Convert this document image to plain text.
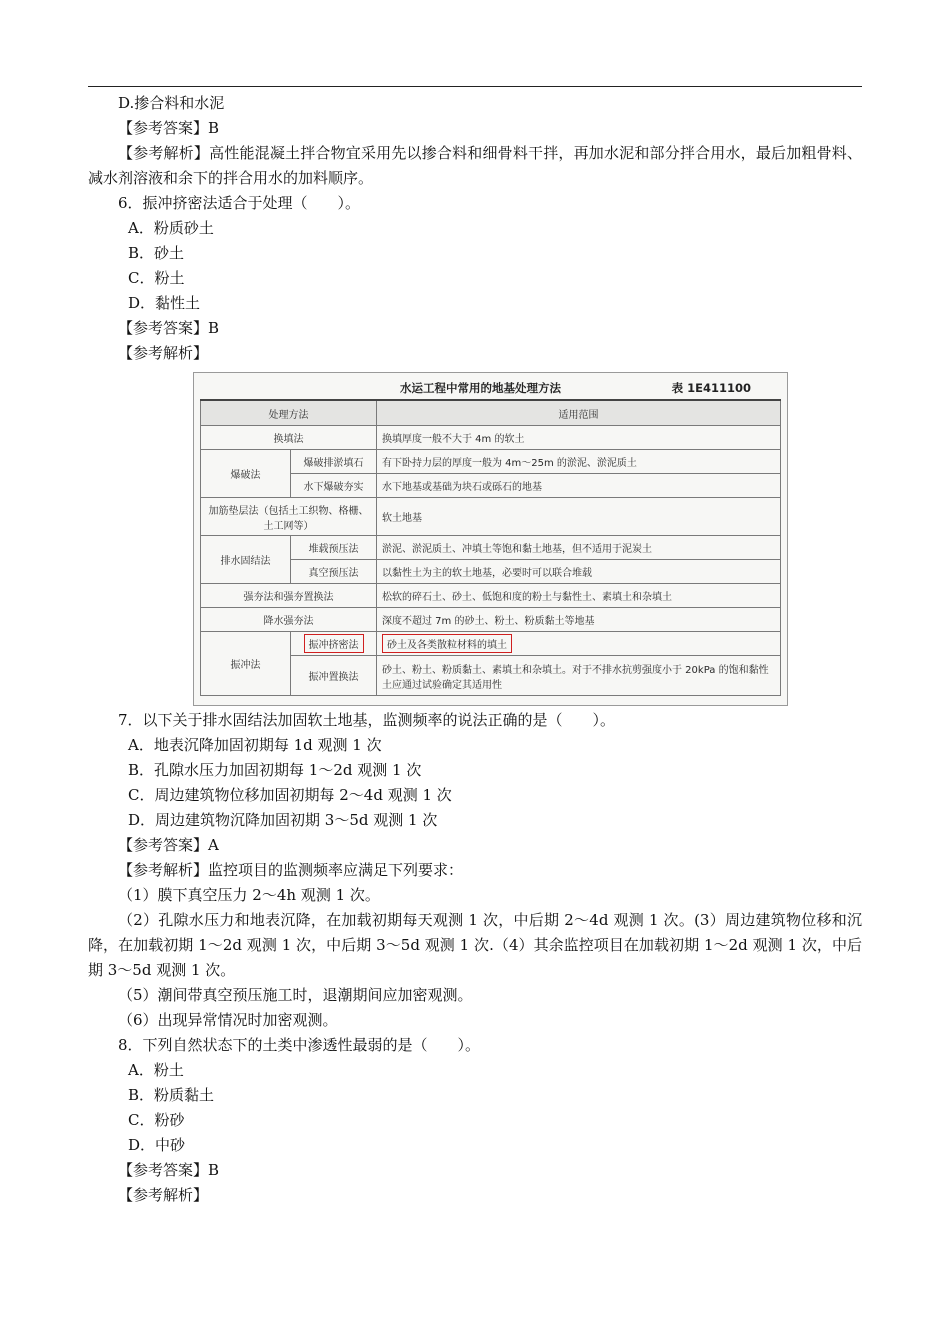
D.掺合料和水泥
【参考答案】B
【参考解析】高性能混凝土拌合物宜采用先以掺合料和细骨料干拌，再加水泥和部分拌合用水，最后加粗骨料、减水剂溶液和余下的拌合用水的加料顺序。
6．振冲挤密法适合于处理（　　）。
A．粉质砂土
B．砂土
C．粉土
D．黏性土
【参考答案】B
【参考解析】
水运工程中常用的地基处理方法	表 1E411100
处理方法		适用范围
换填法		换填厚度一般不大于 4m 的软土
爆破法	爆破排淤填石	有下卧持力层的厚度一般为 4m～25m 的淤泥、淤泥质土
	水下爆破夯实	水下地基或基础为块石或砾石的地基
加筋垫层法（包括土工织物、格栅、土工网等）		软土地基
排水固结法	堆载预压法	淤泥、淤泥质土、冲填土等饱和黏土地基，但不适用于泥炭土
	真空预压法	以黏性土为主的软土地基，必要时可以联合堆载
强夯法和强夯置换法		松软的碎石土、砂土、低饱和度的粉土与黏性土、素填土和杂填土
降水强夯法		深度不超过 7m 的砂土、粉土、粉质黏土等地基
振冲法	振冲挤密法	砂土及各类散粒材料的填土
	振冲置换法	砂土、粉土、粉质黏土、素填土和杂填土。对于不排水抗剪强度小于 20kPa 的饱和黏性土应通过试验确定其适用性
7．以下关于排水固结法加固软土地基，监测频率的说法正确的是（　　）。
A．地表沉降加固初期每 1d 观测 1 次
B．孔隙水压力加固初期每 1～2d 观测 1 次
C．周边建筑物位移加固初期每 2～4d 观测 1 次
D．周边建筑物沉降加固初期 3～5d 观测 1 次
【参考答案】A
【参考解析】监控项目的监测频率应满足下列要求：
（1）膜下真空压力 2～4h 观测 1 次。
（2）孔隙水压力和地表沉降，在加载初期每天观测 1 次，中后期 2～4d 观测 1 次。(3）周边建筑物位移和沉降，在加载初期 1～2d 观测 1 次，中后期 3～5d 观测 1 次.（4）其余监控项目在加载初期 1～2d 观测 1 次，中后期 3～5d 观测 1 次。
（5）潮间带真空预压施工时，退潮期间应加密观测。
（6）出现异常情况时加密观测。
8．下列自然状态下的土类中渗透性最弱的是（　　）。
A．粉土
B．粉质黏土
C．粉砂
D．中砂
【参考答案】B
【参考解析】
